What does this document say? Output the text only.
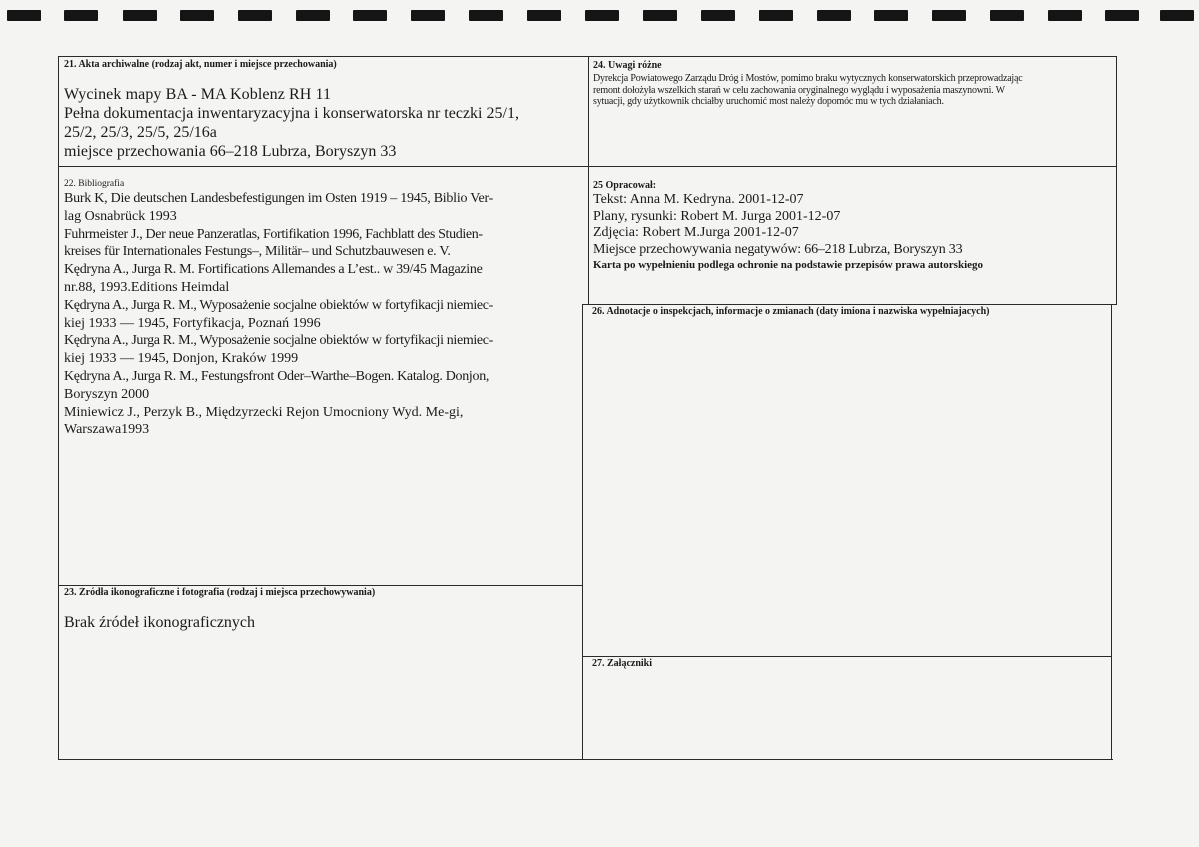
21. Akta archiwalne (rodzaj akt, numer i miejsce przechowania)

Wycinek mapy BA - MA Koblenz RH 11

Pełna dokumentacja inwentaryzacyjna i konserwatorska nr teczki 25/1,

25/2, 25/3, 25/5, 25/16a

miejsce przechowania 66–218 Lubrza, Boryszyn 33

24. Uwagi różne

Dyrekcja Powiatowego Zarządu Dróg i Mostów, pomimo braku wytycznych konserwatorskich przeprowadzając

remont dołożyła wszelkich starań w celu zachowania oryginalnego wyglądu i wyposażenia maszynowni. W

sytuacji, gdy użytkownik chciałby uruchomić most należy dopomóc mu w tych działaniach.

22. Bibliografia

Burk K, Die deutschen Landesbefestigungen im Osten 1919 – 1945, Biblio Ver-

lag Osnabrück 1993

Fuhrmeister J., Der neue Panzeratlas, Fortifikation 1996, Fachblatt des Studien-

kreises für Internationales Festungs–, Militär– und Schutzbauwesen e. V.

Kędryna A., Jurga R. M. Fortifications Allemandes a L’est.. w 39/45 Magazine

nr.88, 1993.Editions Heimdal

Kędryna A., Jurga R. M., Wyposażenie socjalne obiektów w fortyfikacji niemiec-

kiej 1933 — 1945, Fortyfikacja, Poznań 1996

Kędryna A., Jurga R. M., Wyposażenie socjalne obiektów w fortyfikacji niemiec-

kiej 1933 — 1945, Donjon, Kraków 1999

Kędryna A., Jurga R. M., Festungsfront Oder–Warthe–Bogen. Katalog. Donjon,

Boryszyn 2000

Miniewicz J., Perzyk B., Międzyrzecki Rejon Umocniony Wyd. Me-gi,

Warszawa1993

25 Opracował:

Tekst: Anna M. Kedryna. 2001-12-07

Plany, rysunki: Robert M. Jurga 2001-12-07

Zdjęcia: Robert M.Jurga 2001-12-07

Miejsce przechowywania negatywów: 66–218 Lubrza, Boryszyn 33

Karta po wypełnieniu podlega ochronie na podstawie przepisów prawa autorskiego

26. Adnotacje o inspekcjach, informacje o zmianach (daty imiona i nazwiska wypełniajacych)
23. Źródła ikonograficzne i fotografia (rodzaj i miejsca przechowywania)

Brak źródeł ikonograficznych

27. Załączniki
